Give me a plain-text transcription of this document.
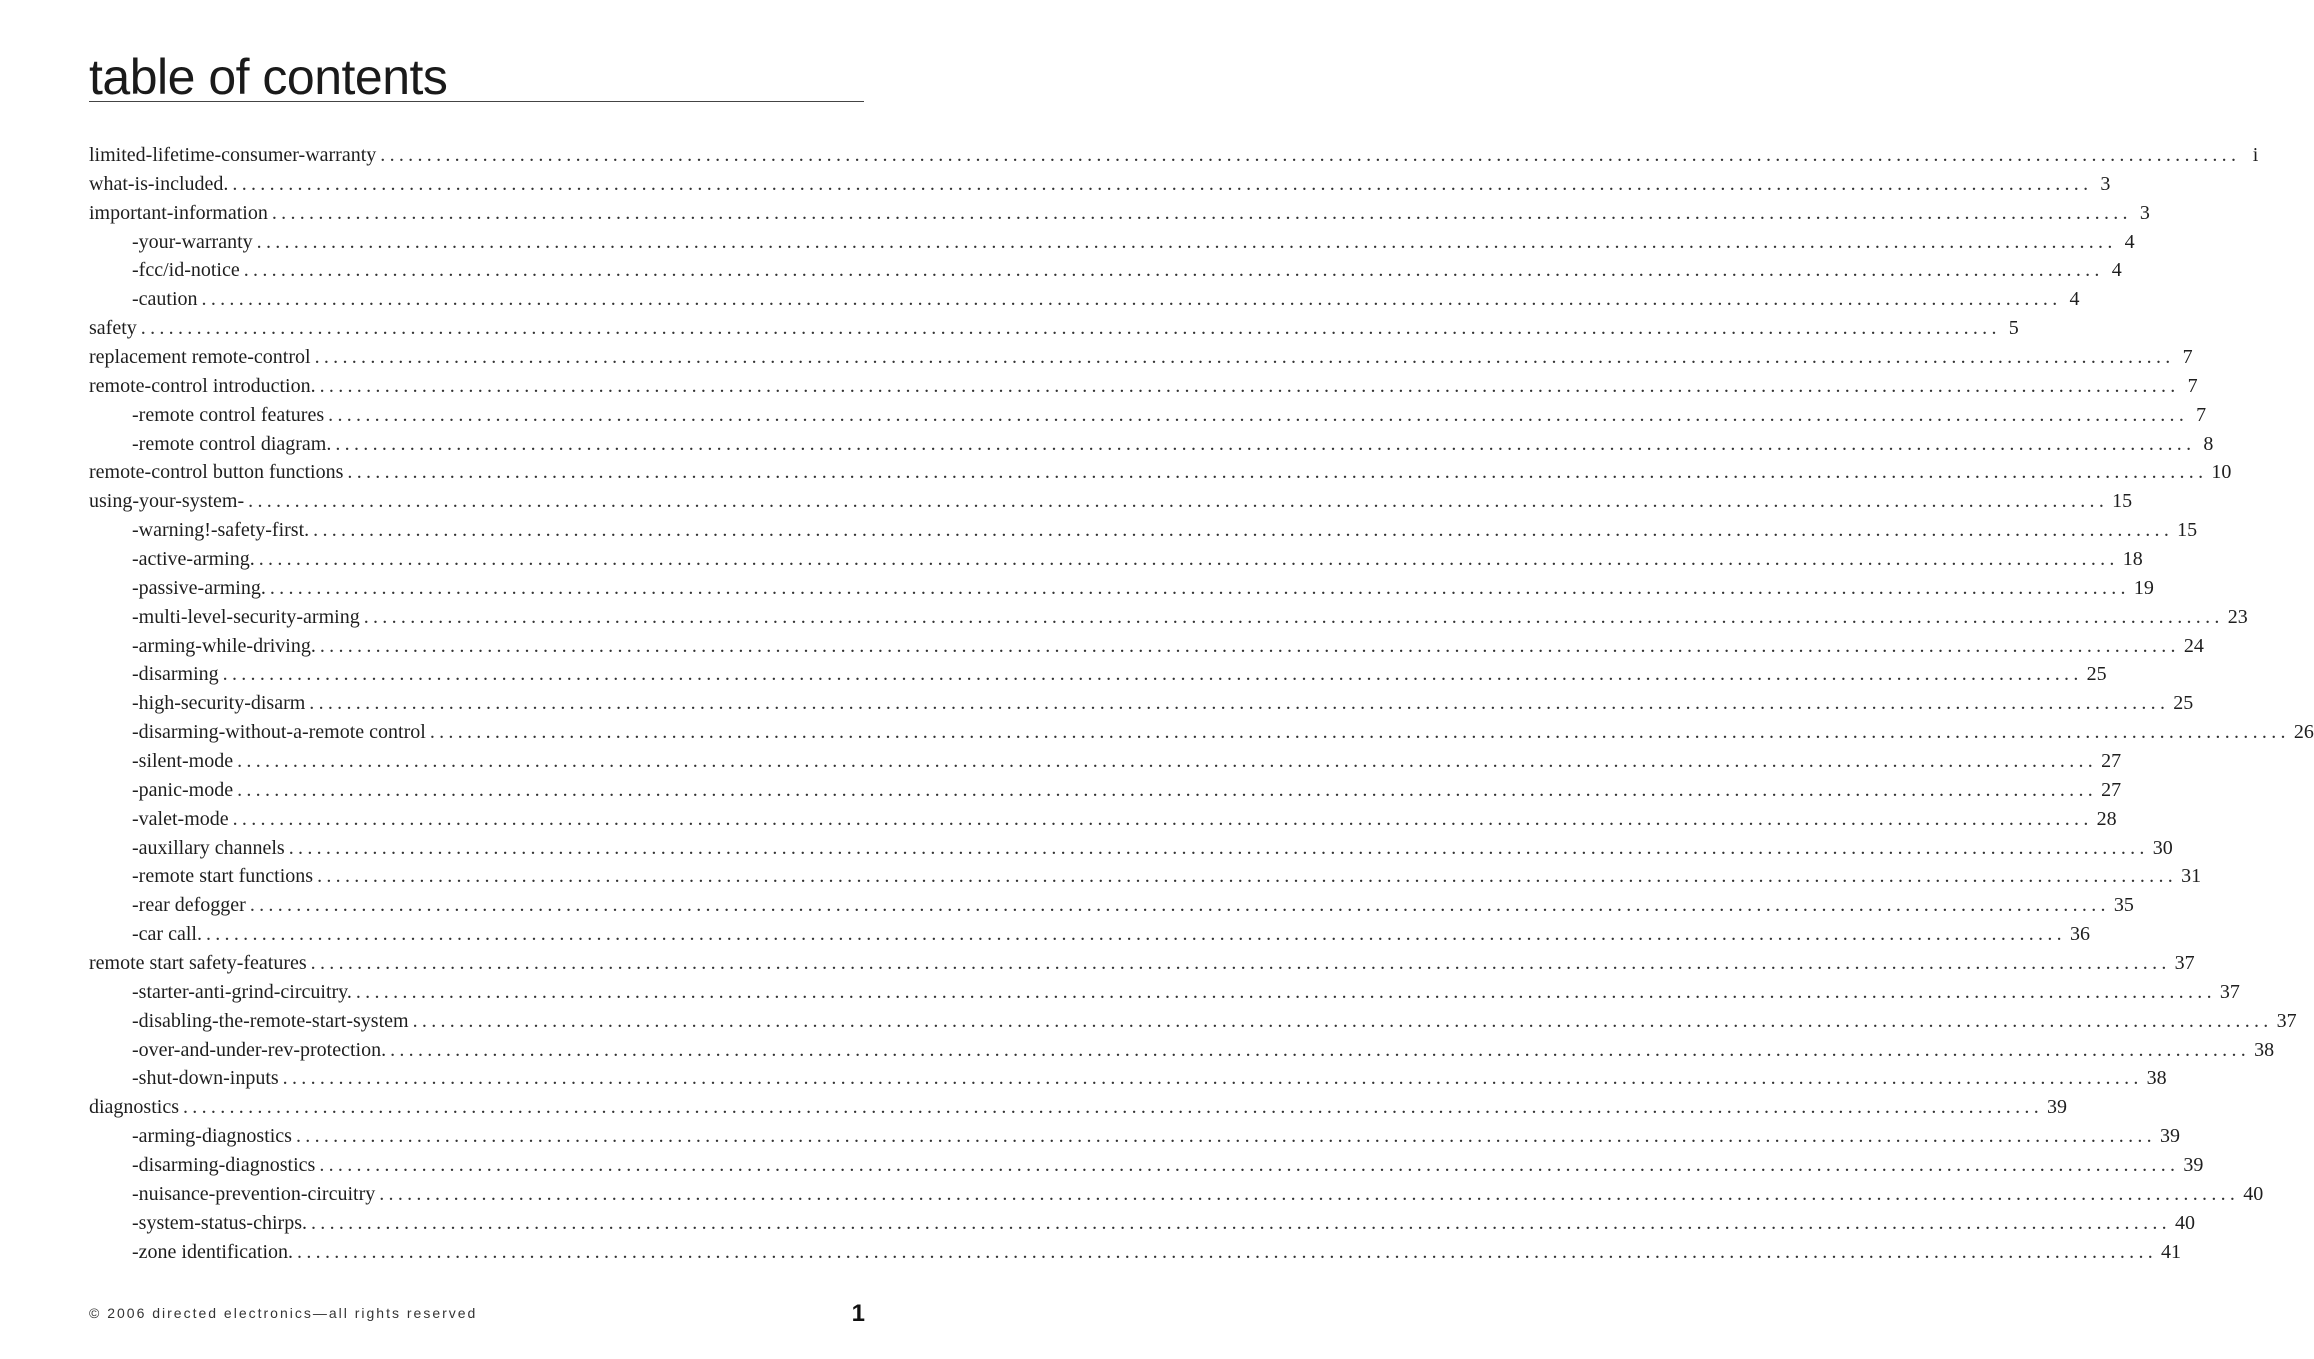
table of contents
limited-lifetime-consumer-warranty ........................................................................................................................................................................................................ i
what-is-included. ........................................................................................................................................................................................................ 3
important-information ........................................................................................................................................................................................................ 3
-your-warranty ........................................................................................................................................................................................................ 4
-fcc/id-notice ........................................................................................................................................................................................................ 4
-caution ........................................................................................................................................................................................................ 4
safety ........................................................................................................................................................................................................ 5
replacement remote-control ........................................................................................................................................................................................................ 7
remote-control introduction. ........................................................................................................................................................................................................ 7
-remote control features ........................................................................................................................................................................................................ 7
-remote control diagram. ........................................................................................................................................................................................................ 8
remote-control button functions ........................................................................................................................................................................................................ 10
using-your-system- ........................................................................................................................................................................................................ 15
-warning!-safety-first. ........................................................................................................................................................................................................ 15
-active-arming. ........................................................................................................................................................................................................ 18
-passive-arming. ........................................................................................................................................................................................................ 19
-multi-level-security-arming ........................................................................................................................................................................................................ 23
-arming-while-driving. ........................................................................................................................................................................................................ 24
-disarming ........................................................................................................................................................................................................ 25
-high-security-disarm ........................................................................................................................................................................................................ 25
-disarming-without-a-remote control ........................................................................................................................................................................................................ 26
-silent-mode ........................................................................................................................................................................................................ 27
-panic-mode ........................................................................................................................................................................................................ 27
-valet-mode ........................................................................................................................................................................................................ 28
-auxillary channels ........................................................................................................................................................................................................ 30
-remote start functions ........................................................................................................................................................................................................ 31
-rear defogger ........................................................................................................................................................................................................ 35
-car call. ........................................................................................................................................................................................................ 36
remote start safety-features ........................................................................................................................................................................................................ 37
-starter-anti-grind-circuitry. ........................................................................................................................................................................................................ 37
-disabling-the-remote-start-system ........................................................................................................................................................................................................ 37
-over-and-under-rev-protection. ........................................................................................................................................................................................................ 38
-shut-down-inputs ........................................................................................................................................................................................................ 38
diagnostics ........................................................................................................................................................................................................ 39
-arming-diagnostics ........................................................................................................................................................................................................ 39
-disarming-diagnostics ........................................................................................................................................................................................................ 39
-nuisance-prevention-circuitry ........................................................................................................................................................................................................ 40
-system-status-chirps. ........................................................................................................................................................................................................ 40
-zone identification. ........................................................................................................................................................................................................ 41
© 2006 directed electronics—all rights reserved	1
